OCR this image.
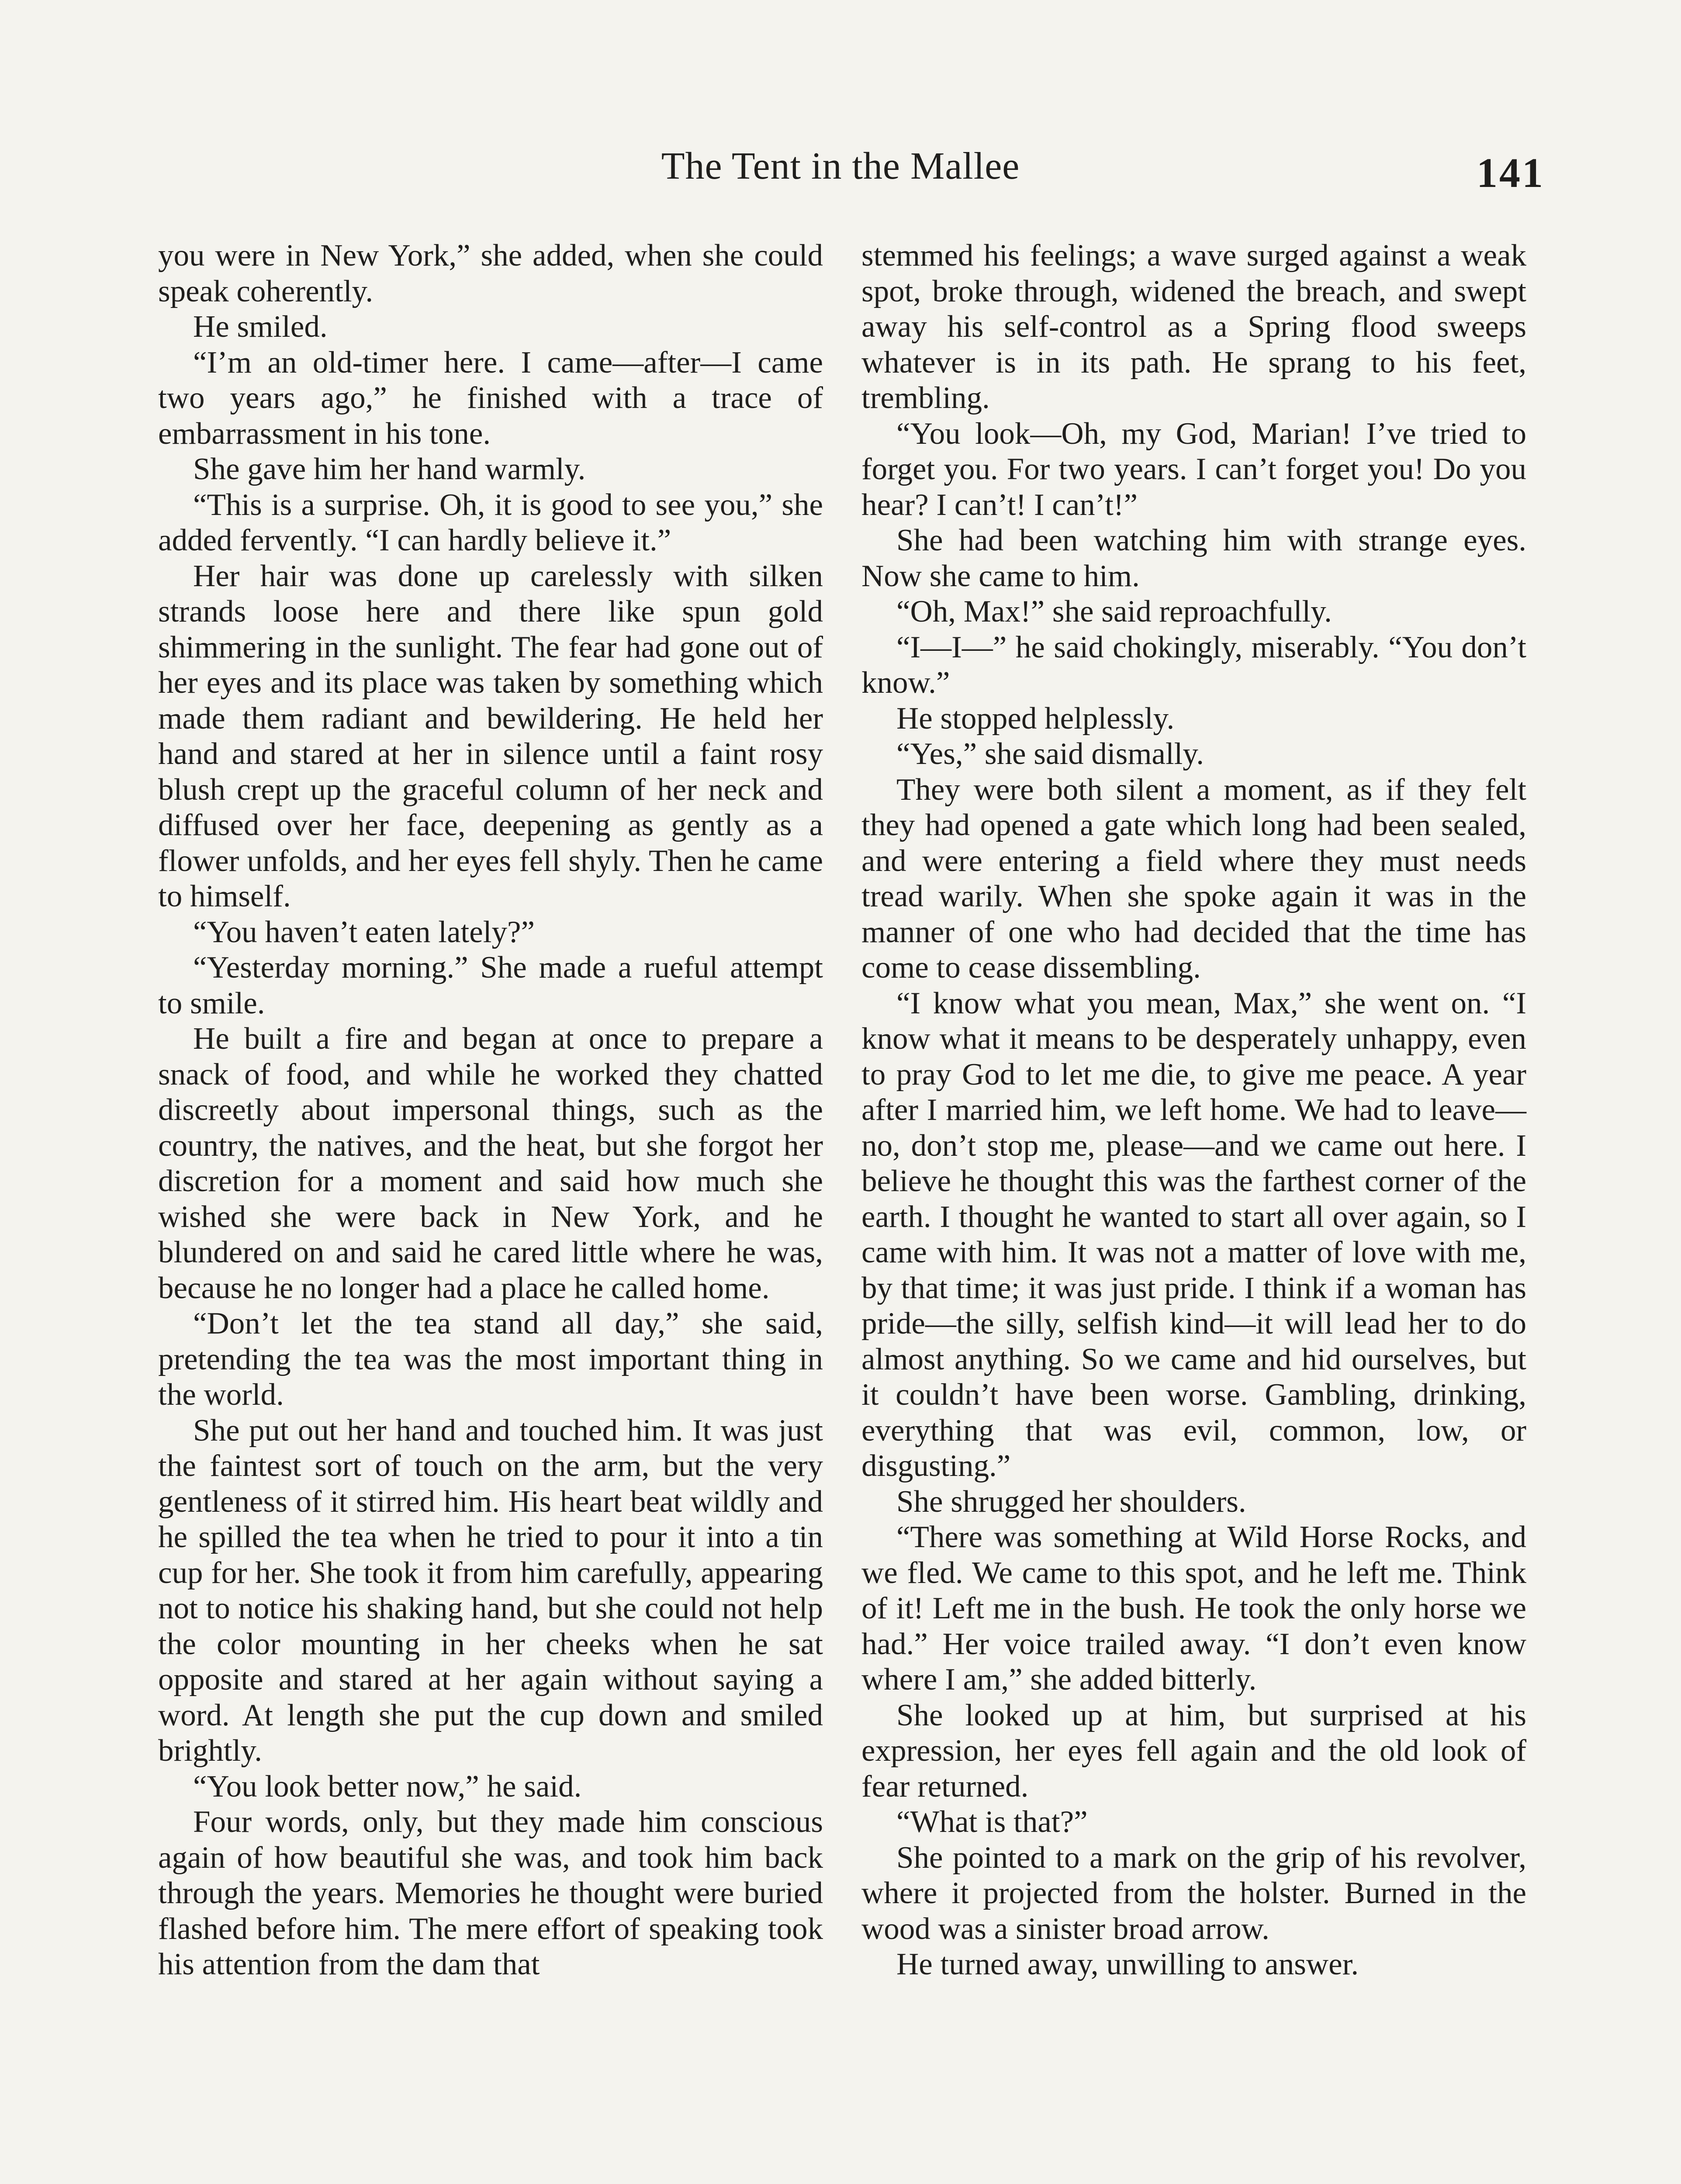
The Tent in the Mallee	141

you were in New York,” she added, when she could speak coherently.

He smiled.

“I’m an old-timer here. I came—after—I came two years ago,” he finished with a trace of embarrassment in his tone.

She gave him her hand warmly.

“This is a surprise. Oh, it is good to see you,” she added fervently. “I can hardly believe it.”

Her hair was done up carelessly with silken strands loose here and there like spun gold shimmering in the sunlight. The fear had gone out of her eyes and its place was taken by something which made them radiant and bewildering. He held her hand and stared at her in silence until a faint rosy blush crept up the graceful column of her neck and diffused over her face, deepening as gently as a flower unfolds, and her eyes fell shyly. Then he came to himself.

“You haven’t eaten lately?”

“Yesterday morning.” She made a rueful attempt to smile.

He built a fire and began at once to prepare a snack of food, and while he worked they chatted discreetly about impersonal things, such as the country, the natives, and the heat, but she forgot her discretion for a moment and said how much she wished she were back in New York, and he blundered on and said he cared little where he was, because he no longer had a place he called home.

“Don’t let the tea stand all day,” she said, pretending the tea was the most important thing in the world.

She put out her hand and touched him. It was just the faintest sort of touch on the arm, but the very gentleness of it stirred him. His heart beat wildly and he spilled the tea when he tried to pour it into a tin cup for her. She took it from him carefully, appearing not to notice his shaking hand, but she could not help the color mounting in her cheeks when he sat opposite and stared at her again without saying a word. At length she put the cup down and smiled brightly.

“You look better now,” he said.

Four words, only, but they made him conscious again of how beautiful she was, and took him back through the years. Memories he thought were buried flashed before him. The mere effort of speaking took his attention from the dam that

stemmed his feelings; a wave surged against a weak spot, broke through, widened the breach, and swept away his self-control as a Spring flood sweeps whatever is in its path. He sprang to his feet, trembling.

“You look—Oh, my God, Marian! I’ve tried to forget you. For two years. I can’t forget you! Do you hear? I can’t! I can’t!”

She had been watching him with strange eyes. Now she came to him.

“Oh, Max!” she said reproachfully.

“I—I—” he said chokingly, miserably. “You don’t know.”

He stopped helplessly.

“Yes,” she said dismally.

They were both silent a moment, as if they felt they had opened a gate which long had been sealed, and were entering a field where they must needs tread warily. When she spoke again it was in the manner of one who had decided that the time has come to cease dissembling.

“I know what you mean, Max,” she went on. “I know what it means to be desperately unhappy, even to pray God to let me die, to give me peace. A year after I married him, we left home. We had to leave—no, don’t stop me, please—and we came out here. I believe he thought this was the farthest corner of the earth. I thought he wanted to start all over again, so I came with him. It was not a matter of love with me, by that time; it was just pride. I think if a woman has pride—the silly, selfish kind—it will lead her to do almost anything. So we came and hid ourselves, but it couldn’t have been worse. Gambling, drinking, everything that was evil, common, low, or disgusting.”

She shrugged her shoulders.

“There was something at Wild Horse Rocks, and we fled. We came to this spot, and he left me. Think of it! Left me in the bush. He took the only horse we had.” Her voice trailed away. “I don’t even know where I am,” she added bitterly.

She looked up at him, but surprised at his expression, her eyes fell again and the old look of fear returned.

“What is that?”

She pointed to a mark on the grip of his revolver, where it projected from the holster. Burned in the wood was a sinister broad arrow.

He turned away, unwilling to answer.
